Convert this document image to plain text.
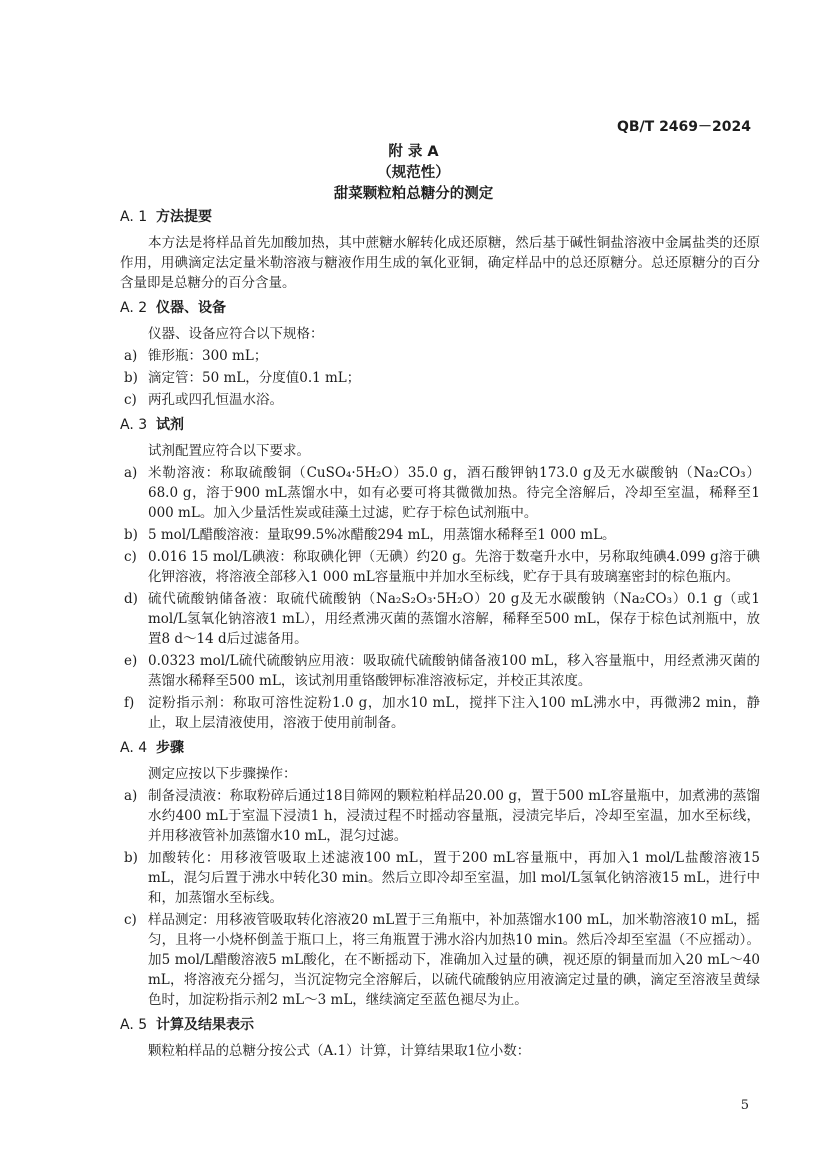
QB/T 2469－2024
附 录 A
（规范性）
甜菜颗粒粕总糖分的测定
A. 1 方法提要
本方法是将样品首先加酸加热，其中蔗糖水解转化成还原糖，然后基于碱性铜盐溶液中金属盐类的还原作用，用碘滴定法定量米勒溶液与糖液作用生成的氧化亚铜，确定样品中的总还原糖分。总还原糖分的百分含量即是总糖分的百分含量。
A. 2 仪器、设备
仪器、设备应符合以下规格：
a) 锥形瓶：300 mL；
b) 滴定管：50 mL，分度值0.1 mL；
c) 两孔或四孔恒温水浴。
A. 3 试剂
试剂配置应符合以下要求。
a) 米勒溶液：称取硫酸铜（CuSO₄·5H₂O）35.0 g，酒石酸钾钠173.0 g及无水碳酸钠（Na₂CO₃）68.0 g，溶于900 mL蒸馏水中，如有必要可将其微微加热。待完全溶解后，冷却至室温，稀释至1 000 mL。加入少量活性炭或硅藻土过滤，贮存于棕色试剂瓶中。
b) 5 mol/L醋酸溶液：量取99.5%冰醋酸294 mL，用蒸馏水稀释至1 000 mL。
c) 0.016 15 mol/L碘液：称取碘化钾（无碘）约20 g。先溶于数毫升水中，另称取纯碘4.099 g溶于碘化钾溶液，将溶液全部移入1 000 mL容量瓶中并加水至标线，贮存于具有玻璃塞密封的棕色瓶内。
d) 硫代硫酸钠储备液：取硫代硫酸钠（Na₂S₂O₃·5H₂O）20 g及无水碳酸钠（Na₂CO₃）0.1 g（或1 mol/L氢氧化钠溶液1 mL），用经煮沸灭菌的蒸馏水溶解，稀释至500 mL，保存于棕色试剂瓶中，放置8 d～14 d后过滤备用。
e) 0.0323 mol/L硫代硫酸钠应用液：吸取硫代硫酸钠储备液100 mL，移入容量瓶中，用经煮沸灭菌的蒸馏水稀释至500 mL，该试剂用重铬酸钾标准溶液标定，并校正其浓度。
f)	淀粉指示剂：称取可溶性淀粉1.0 g，加水10 mL，搅拌下注入100 mL沸水中，再微沸2 min，静止，取上层清液使用，溶液于使用前制备。
A. 4 步骤
测定应按以下步骤操作：
a) 制备浸渍液：称取粉碎后通过18目筛网的颗粒粕样品20.00 g，置于500 mL容量瓶中，加煮沸的蒸馏水约400 mL于室温下浸渍1 h，浸渍过程不时摇动容量瓶，浸渍完毕后，冷却至室温，加水至标线，并用移液管补加蒸馏水10 mL，混匀过滤。
b) 加酸转化：用移液管吸取上述滤液100 mL，置于200 mL容量瓶中，再加入1 mol/L盐酸溶液15 mL，混匀后置于沸水中转化30 min。然后立即冷却至室温，加l mol/L氢氧化钠溶液15 mL，进行中和，加蒸馏水至标线。
c) 样品测定：用移液管吸取转化溶液20 mL置于三角瓶中，补加蒸馏水100 mL，加米勒溶液10 mL，摇匀，且将一小烧杯倒盖于瓶口上，将三角瓶置于沸水浴内加热10 min。然后冷却至室温（不应摇动）。加5 mol/L醋酸溶液5 mL酸化，在不断摇动下，准确加入过量的碘，视还原的铜量而加入20 mL～40 mL，将溶液充分摇匀，当沉淀物完全溶解后，以硫代硫酸钠应用液滴定过量的碘，滴定至溶液呈黄绿色时，加淀粉指示剂2 mL～3 mL，继续滴定至蓝色褪尽为止。
A. 5 计算及结果表示
颗粒粕样品的总糖分按公式（A.1）计算，计算结果取1位小数：
5
